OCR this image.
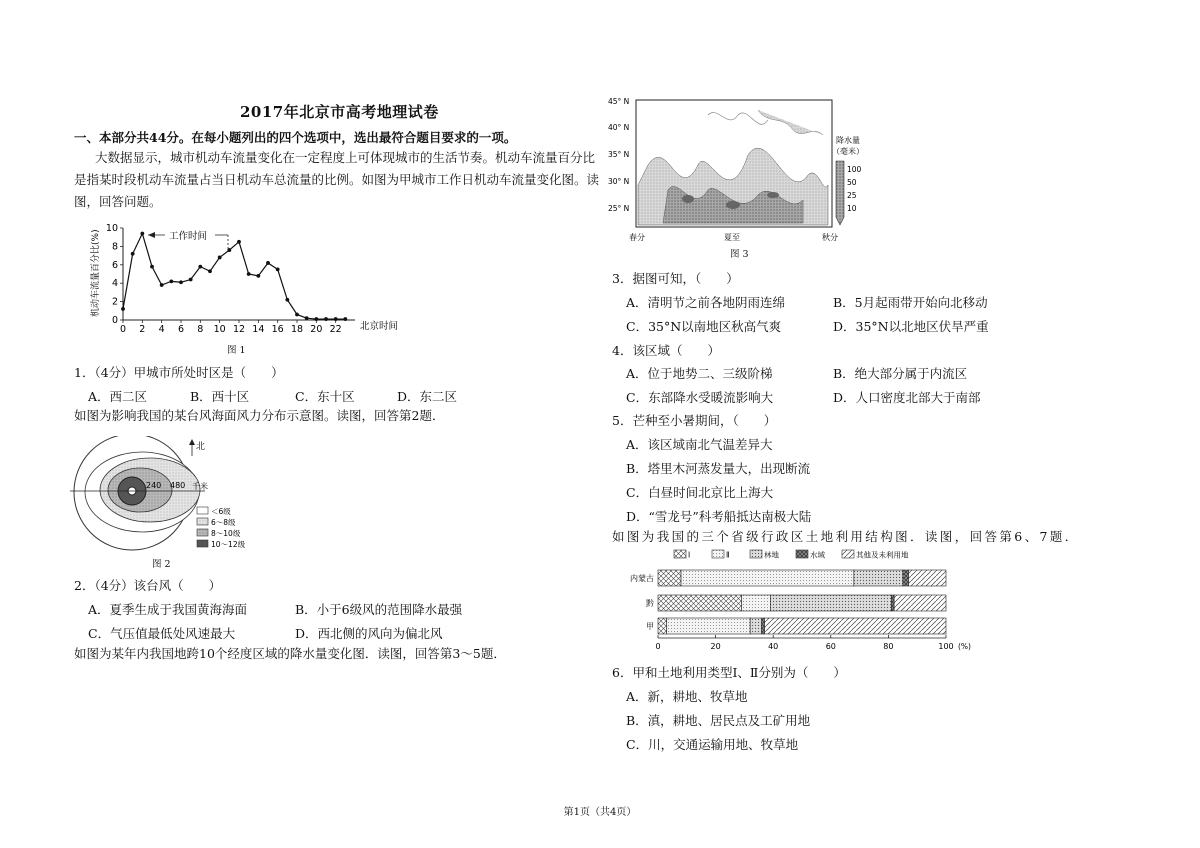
2017年北京市高考地理试卷
一、本部分共44分。在每小题列出的四个选项中，选出最符合题目要求的一项。
大数据显示，城市机动车流量变化在一定程度上可体现城市的生活节奏。机动车流量百分比
是指某时段机动车流量占当日机动车总流量的比例。如图为甲城市工作日机动车流量变化图。读
图，回答问题。
0 2 4 6 8 10 12 14 16 18 20 22
0
2
4
6
8
10
机动车流量百分比(%)
北京时间
工作时间
图 1
1．（4分）甲城市所处时区是（　　）
A．西二区	B．西十区	C．东十区	D．东二区
如图为影响我国的某台风海面风力分布示意图。读图，回答第2题．
240 480 千米
北
＜6级
6～8级
8～10级
10～12级
图 2
2．（4分）该台风（　　）
A．夏季生成于我国黄海海面	B．小于6级风的范围降水最强
C．气压值最低处风速最大	D．西北侧的风向为偏北风
如图为某年内我国地跨10个经度区域的降水量变化图．读图，回答第3～5题．
45° N
40° N
35° N
30° N
25° N
春分	夏至	秋分
降水量
（毫米）
100
50
25
10
图 3
3．据图可知，（　　）
A．清明节之前各地阴雨连绵	B．5月起雨带开始向北移动
C．35°N以南地区秋高气爽	D．35°N以北地区伏旱严重
4．该区域（　　）
A．位于地势二、三级阶梯	B．绝大部分属于内流区
C．东部降水受暖流影响大	D．人口密度北部大于南部
5．芒种至小暑期间，（　　）
A．该区域南北气温差异大
B．塔里木河蒸发量大，出现断流
C．白昼时间北京比上海大
D．“雪龙号”科考船抵达南极大陆
如图为我国的三个省级行政区土地利用结构图．读图，回答第6、7题．
Ⅰ	Ⅱ	林地	水域	其他及未利用地
内蒙古
黔
甲
0	20	40	60	80	100 (%)
6．甲和土地利用类型Ⅰ、Ⅱ分别为（　　）
A．新，耕地、牧草地
B．滇，耕地、居民点及工矿用地
C．川，交通运输用地、牧草地
第1页（共4页）
